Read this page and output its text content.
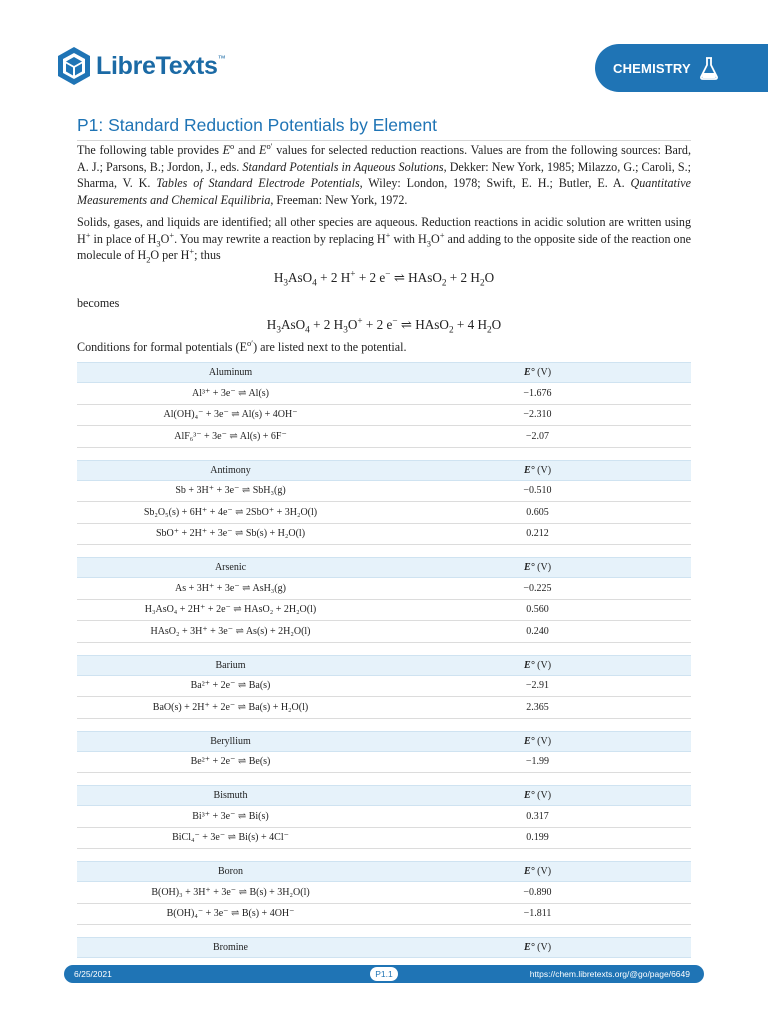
LibreTexts ™
CHEMISTRY
P1: Standard Reduction Potentials by Element
The following table provides $E^o$ and $E^{o'}$ values for selected reduction reactions. Values are from the following sources: Bard, A. J.; Parsons, B.; Jordon, J., eds. Standard Potentials in Aqueous Solutions, Dekker: New York, 1985; Milazzo, G.; Caroli, S.; Sharma, V. K. Tables of Standard Electrode Potentials, Wiley: London, 1978; Swift, E. H.; Butler, E. A. Quantitative Measurements and Chemical Equilibria, Freeman: New York, 1972.
Solids, gases, and liquids are identified; all other species are aqueous. Reduction reactions in acidic solution are written using H+ in place of $H_3O^+$. You may rewrite a reaction by replacing H+ with $H_3O^+$ and adding to the opposite side of the reaction one molecule of $H_2O$ per H+; thus
$H_3AsO_4 + 2$ H+ + 2 e− ⇌ HAsO$_2$ + 2 $H_2O$
becomes
$H_3AsO_4 + 2$ $H_3O^+ + 2$ e− ⇌ HAsO$_2$ + 4 $H_2O$
Conditions for formal potentials $(E^{o'})$ are listed next to the potential.
Aluminum	E° (V)
Al³⁺ + 3e⁻ ⇌ Al(s)	−1.676
Al(OH)₄⁻ + 3e⁻ ⇌ Al(s) + 4OH⁻	−2.310
AlF₆³⁻ + 3e⁻ ⇌ Al(s) + 6F⁻	−2.07
Antimony	E° (V)
Sb + 3H⁺ + 3e⁻ ⇌ SbH₃(g)	−0.510
Sb₂O₅(s) + 6H⁺ + 4e⁻ ⇌ 2SbO⁺ + 3H₂O(l)	0.605
SbO⁺ + 2H⁺ + 3e⁻ ⇌ Sb(s) + H₂O(l)	0.212
Arsenic	E° (V)
As + 3H⁺ + 3e⁻ ⇌ AsH₃(g)	−0.225
H₃AsO₄ + 2H⁺ + 2e⁻ ⇌ HAsO₂ + 2H₂O(l)	0.560
HAsO₂ + 3H⁺ + 3e⁻ ⇌ As(s) + 2H₂O(l)	0.240
Barium	E° (V)
Ba²⁺ + 2e⁻ ⇌ Ba(s)	−2.91
BaO(s) + 2H⁺ + 2e⁻ ⇌ Ba(s) + H₂O(l)	2.365
Beryllium	E° (V)
Be²⁺ + 2e⁻ ⇌ Be(s)	−1.99
Bismuth	E° (V)
Bi³⁺ + 3e⁻ ⇌ Bi(s)	0.317
BiCl₄⁻ + 3e⁻ ⇌ Bi(s) + 4Cl⁻	0.199
Boron	E° (V)
B(OH)₃ + 3H⁺ + 3e⁻ ⇌ B(s) + 3H₂O(l)	−0.890
B(OH)₄⁻ + 3e⁻ ⇌ B(s) + 4OH⁻	−1.811
Bromine	E° (V)
6/25/2021	P1.1	https://chem.libretexts.org/@go/page/6649
